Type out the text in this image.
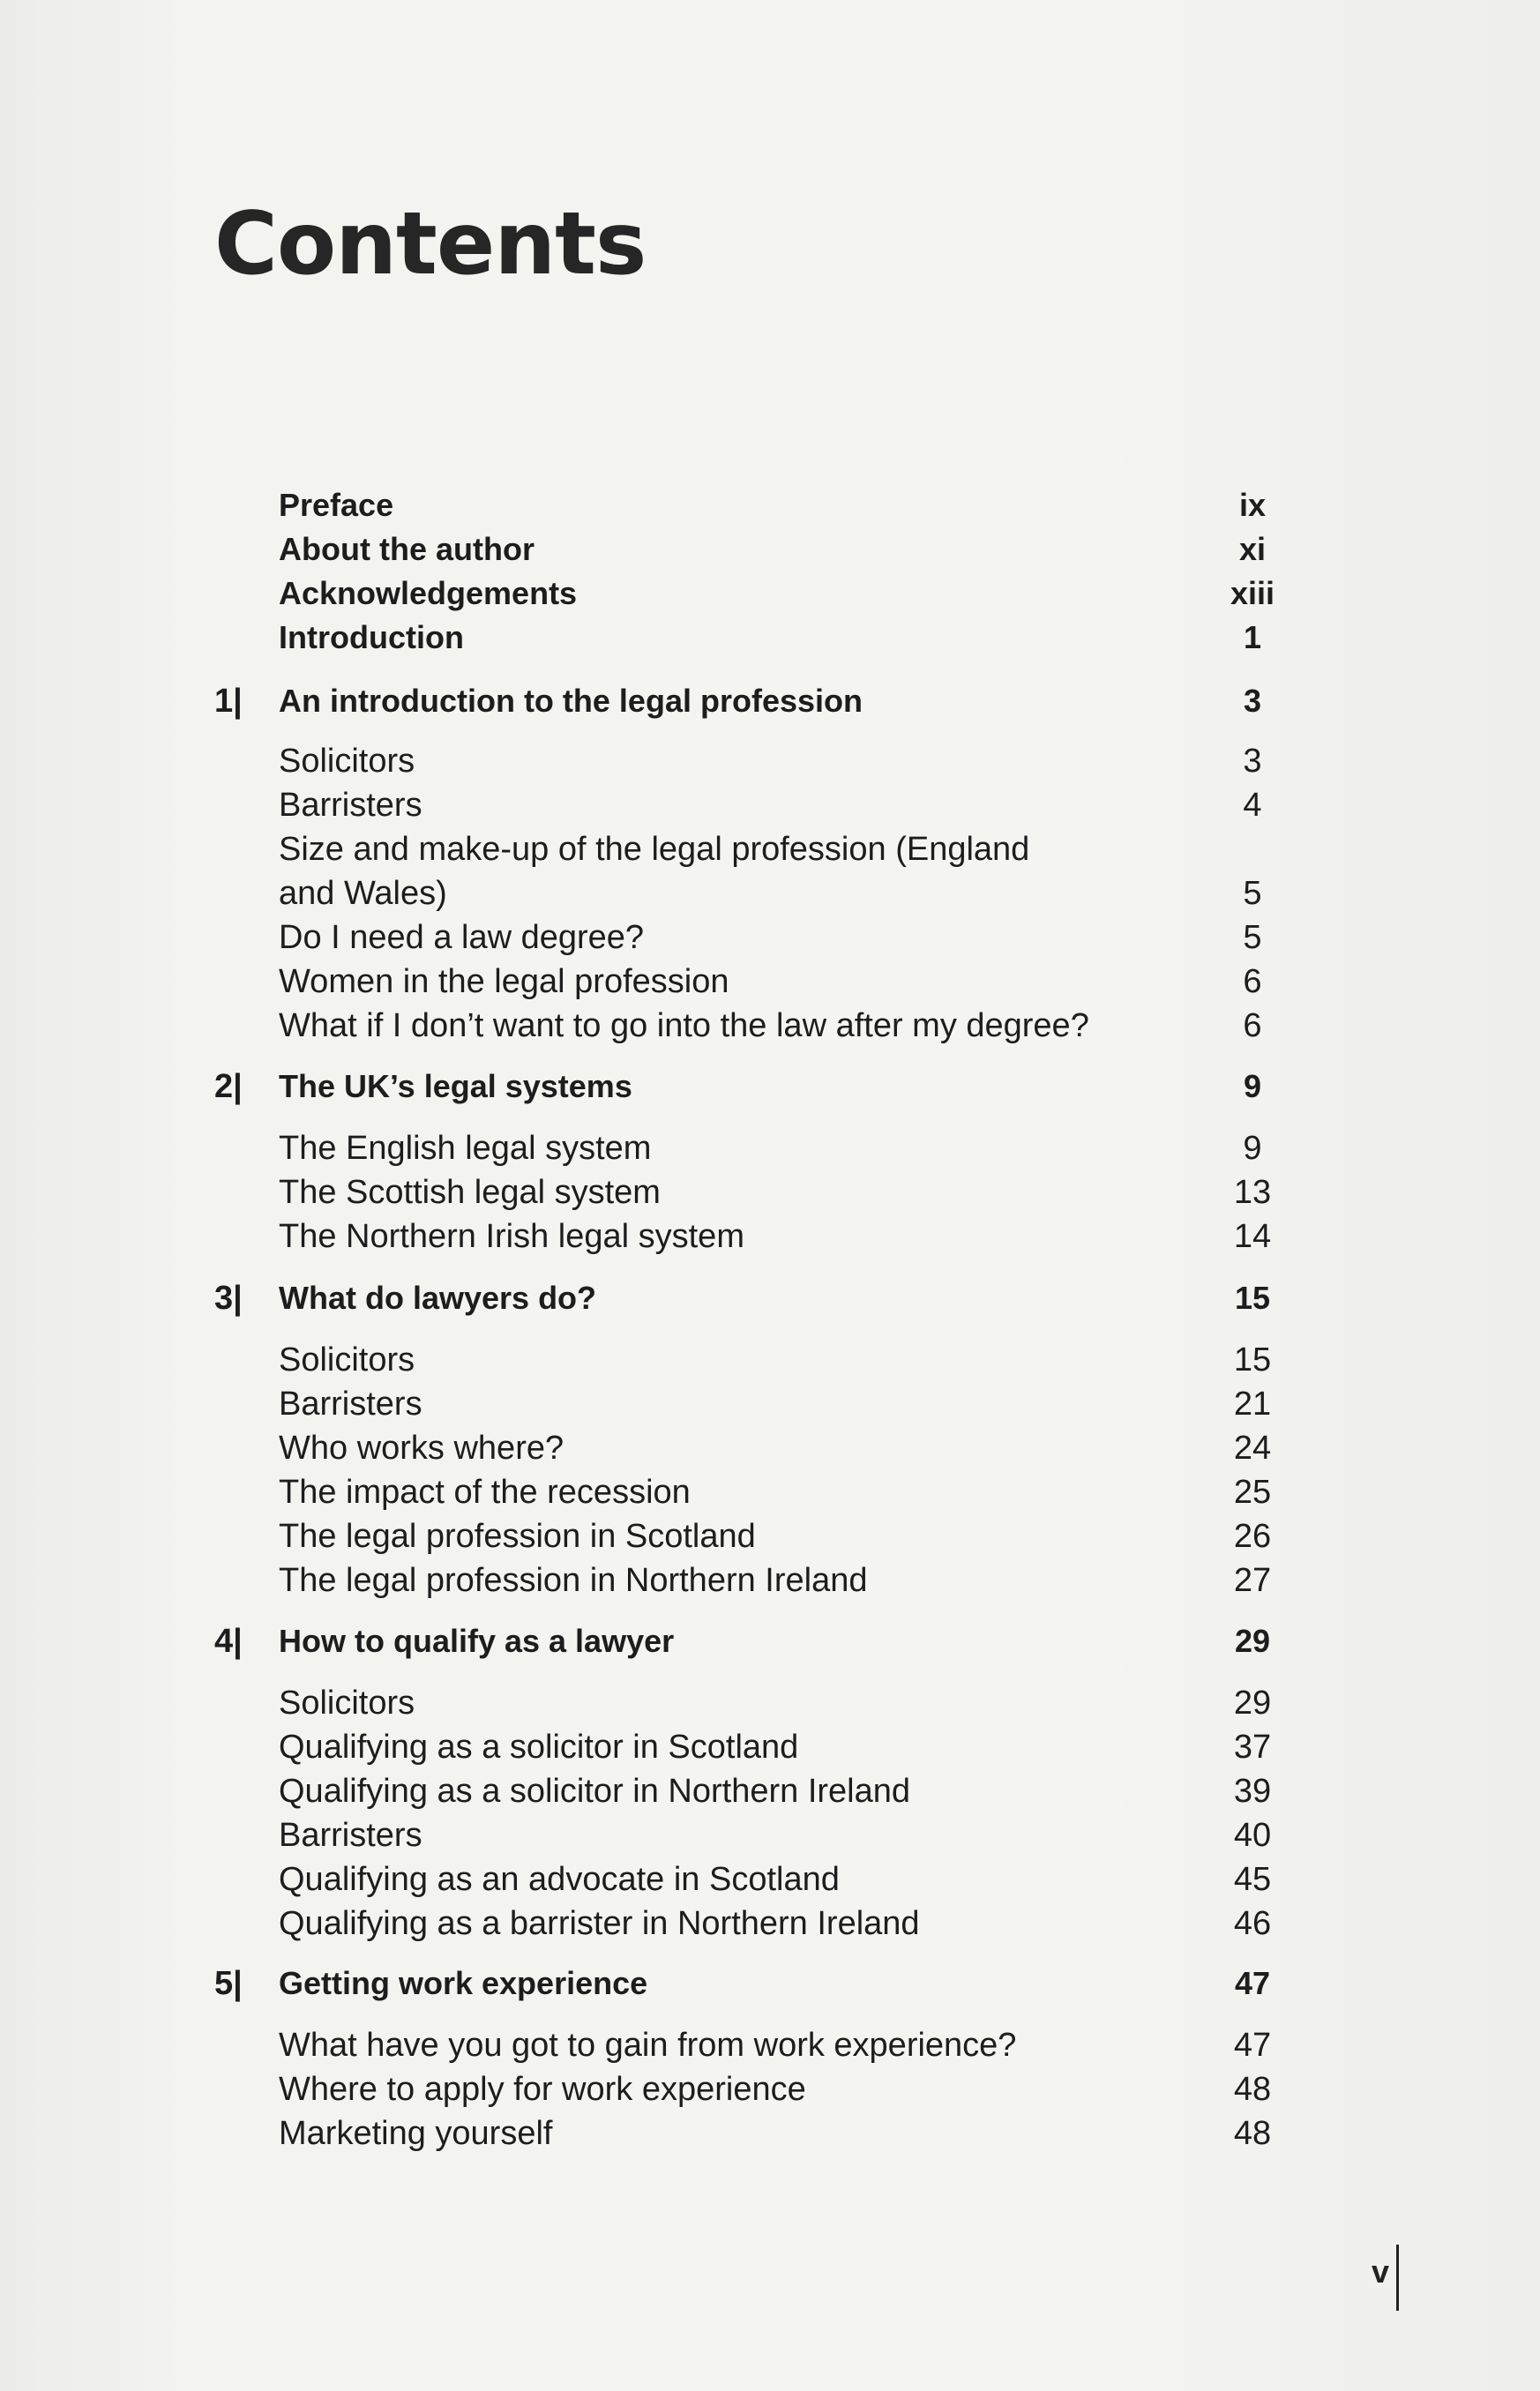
Contents
Preface	ix
About the author	xi
Acknowledgements	xiii
Introduction	1
1|	An introduction to the legal profession	3
Solicitors	3
Barristers	4
Size and make-up of the legal profession (England
and Wales)	5
Do I need a law degree?	5
Women in the legal profession	6
What if I don’t want to go into the law after my degree?	6
2|	The UK’s legal systems	9
The English legal system	9
The Scottish legal system	13
The Northern Irish legal system	14
3|	What do lawyers do?	15
Solicitors	15
Barristers	21
Who works where?	24
The impact of the recession	25
The legal profession in Scotland	26
The legal profession in Northern Ireland	27
4|	How to qualify as a lawyer	29
Solicitors	29
Qualifying as a solicitor in Scotland	37
Qualifying as a solicitor in Northern Ireland	39
Barristers	40
Qualifying as an advocate in Scotland	45
Qualifying as a barrister in Northern Ireland	46
5|	Getting work experience	47
What have you got to gain from work experience?	47
Where to apply for work experience	48
Marketing yourself	48
v
